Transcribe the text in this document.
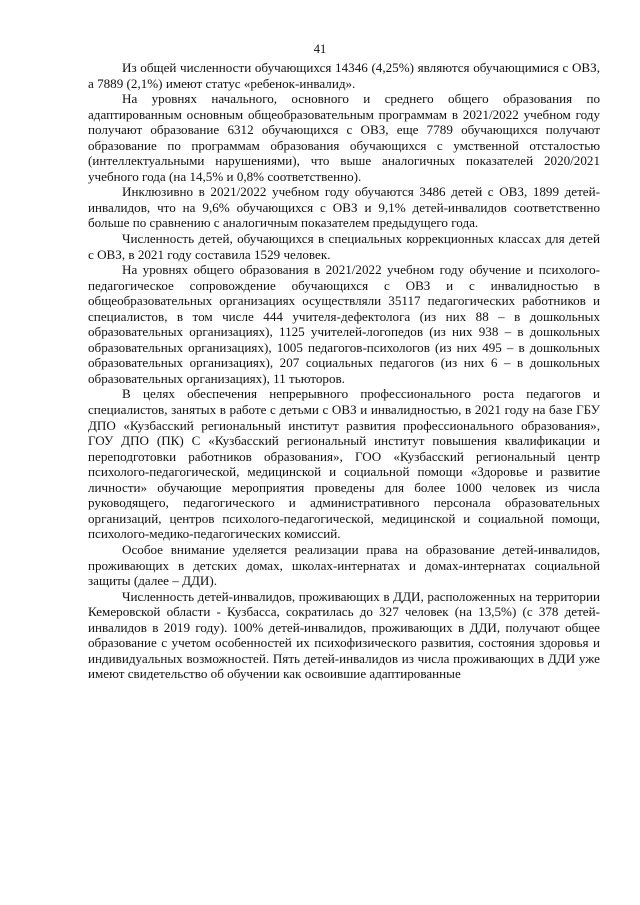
41

Из общей численности обучающихся 14346 (4,25%) являются обучающимися с ОВЗ, а 7889 (2,1%) имеют статус «ребенок-инвалид».

На уровнях начального, основного и среднего общего образования по адаптированным основным общеобразовательным программам в 2021/2022 учебном году получают образование 6312 обучающихся с ОВЗ, еще 7789 обучающихся получают образование по программам образования обучающихся с умственной отсталостью (интеллектуальными нарушениями), что выше аналогичных показателей 2020/2021 учебного года (на 14,5% и 0,8% соответственно).

Инклюзивно в 2021/2022 учебном году обучаются 3486 детей с ОВЗ, 1899 детей-инвалидов, что на 9,6% обучающихся с ОВЗ и 9,1% детей-инвалидов соответственно больше по сравнению с аналогичным показателем предыдущего года.

Численность детей, обучающихся в специальных коррекционных классах для детей с ОВЗ, в 2021 году составила 1529 человек.

На уровнях общего образования в 2021/2022 учебном году обучение и психолого-педагогическое сопровождение обучающихся с ОВЗ и с инвалидностью в общеобразовательных организациях осуществляли 35117 педагогических работников и специалистов, в том числе 444 учителя-дефектолога (из них 88 – в дошкольных образовательных организациях), 1125 учителей-логопедов (из них 938 – в дошкольных образовательных организациях), 1005 педагогов-психологов (из них 495 – в дошкольных образовательных организациях), 207 социальных педагогов (из них 6 – в дошкольных образовательных организациях), 11 тьюторов.

В целях обеспечения непрерывного профессионального роста педагогов и специалистов, занятых в работе с детьми с ОВЗ и инвалидностью, в 2021 году на базе ГБУ ДПО «Кузбасский региональный институт развития профессионального образования», ГОУ ДПО (ПК) С «Кузбасский региональный институт повышения квалификации и переподготовки работников образования», ГОО «Кузбасский региональный центр психолого-педагогической, медицинской и социальной помощи «Здоровье и развитие личности» обучающие мероприятия проведены для более 1000 человек из числа руководящего, педагогического и административного персонала образовательных организаций, центров психолого-педагогической, медицинской и социальной помощи, психолого-медико-педагогических комиссий.

Особое внимание уделяется реализации права на образование детей-инвалидов, проживающих в детских домах, школах-интернатах и домах-интернатах социальной защиты (далее – ДДИ).

Численность детей-инвалидов, проживающих в ДДИ, расположенных на территории Кемеровской области - Кузбасса, сократилась до 327 человек (на 13,5%) (с 378 детей-инвалидов в 2019 году). 100% детей-инвалидов, проживающих в ДДИ, получают общее образование с учетом особенностей их психофизического развития, состояния здоровья и индивидуальных возможностей. Пять детей-инвалидов из числа проживающих в ДДИ уже имеют свидетельство об обучении как освоившие адаптированные
